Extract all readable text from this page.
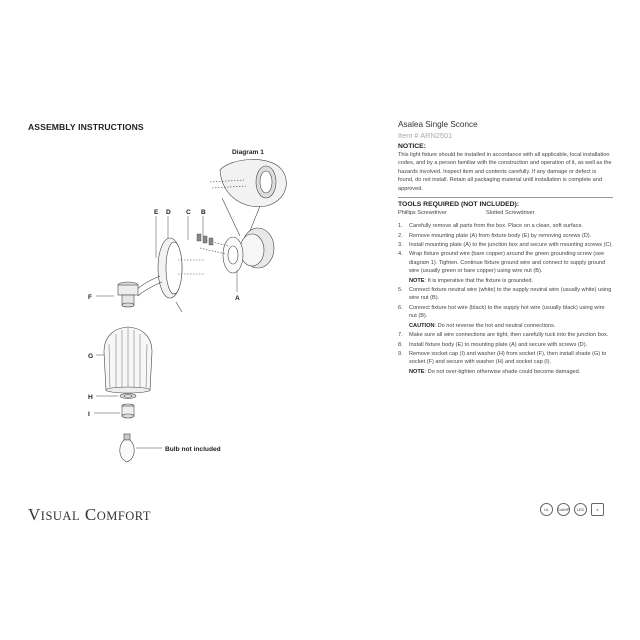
ASSEMBLY INSTRUCTIONS
Diagram 1
E D C B
A
F
G
H
I
Bulb not included
VISUAL COMFORT
Asalea Single Sconce
Item # ARN2501
NOTICE:
This light fixture should be installed in accordance with all applicable, local installation codes, and by a person familiar with the construction and operation of it, as well as the hazards involved. Inspect item and contents carefully. If any damage or defect is found, do not install. Retain all packaging material until installation is complete and approved.
TOOLS REQUIRED (NOT INCLUDED):
Phillips Screwdriver	Slotted Screwdriver
1.	Carefully remove all parts from the box. Place on a clean, soft surface.
2.	Remove mounting plate (A) from fixture body (E) by removing screws (D).
3.	Install mounting plate (A) to the junction box and secure with mounting screws (C).
4.	Wrap fixture ground wire (bare copper) around the green grounding screw (see diagram 1). Tighten. Continue fixture ground wire and connect to supply ground wire (usually green or bare copper) using wire nut (B).
NOTE: It is imperative that the fixture is grounded.
5.	Connect fixture neutral wire (white) to the supply neutral wire (usually white) using wire nut (B).
6.	Connect fixture hot wire (black) to the supply hot wire (usually black) using wire nut (B).
CAUTION: Do not reverse the hot and neutral connections.
7.	Make sure all wire connections are tight, then carefully tuck into the junction box.
8.	Install fixture body (E) to mounting plate (A) and secure with screws (D).
9.	Remove socket cap (I) and washer (H) from socket (F), then install shade (G) to socket (F) and secure with washer (H) and socket cap (I).
NOTE: Do not over-tighten otherwise shade could become damaged.
UL	DAMP	LED	4
